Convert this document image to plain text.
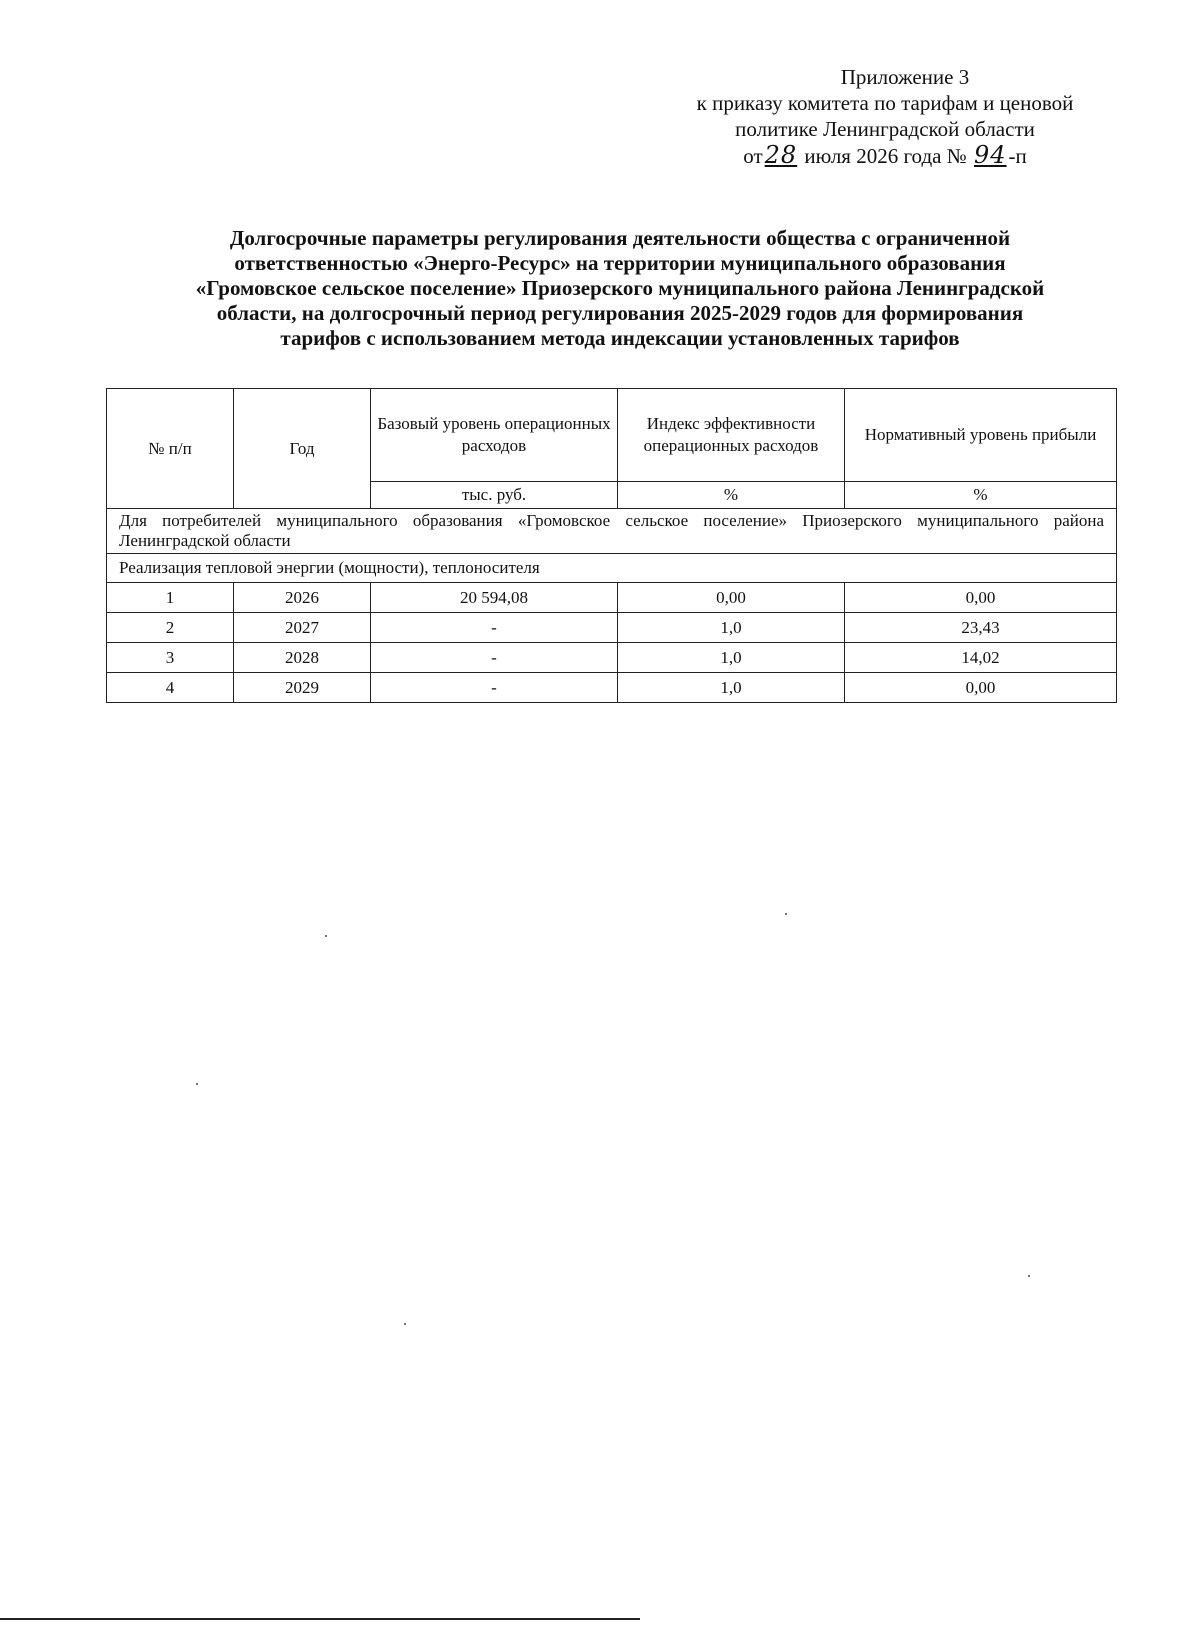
Приложение 3
к приказу комитета по тарифам и ценовой
политике Ленинградской области
от28 июля 2026 года № 94-п

Долгосрочные параметры регулирования деятельности общества с ограниченной

ответственностью «Энерго-Ресурс» на территории муниципального образования

«Громовское сельское поселение» Приозерского муниципального района Ленинградской

области, на долгосрочный период регулирования 2025-2029 годов для формирования

тарифов с использованием метода индексации установленных тарифов

№ п/п	Год	Базовый уровень операционных расходов	Индекс эффективности операционных расходов	Нормативный уровень прибыли
		тыс. руб.	%	%
Для потребителей муниципального образования «Громовское сельское поселение» Приозерского муниципального района Ленинградской области				
Реализация тепловой энергии (мощности), теплоносителя				
1	2026	20 594,08	0,00	0,00
2	2027	-	1,0	23,43
3	2028	-	1,0	14,02
4	2029	-	1,0	0,00
